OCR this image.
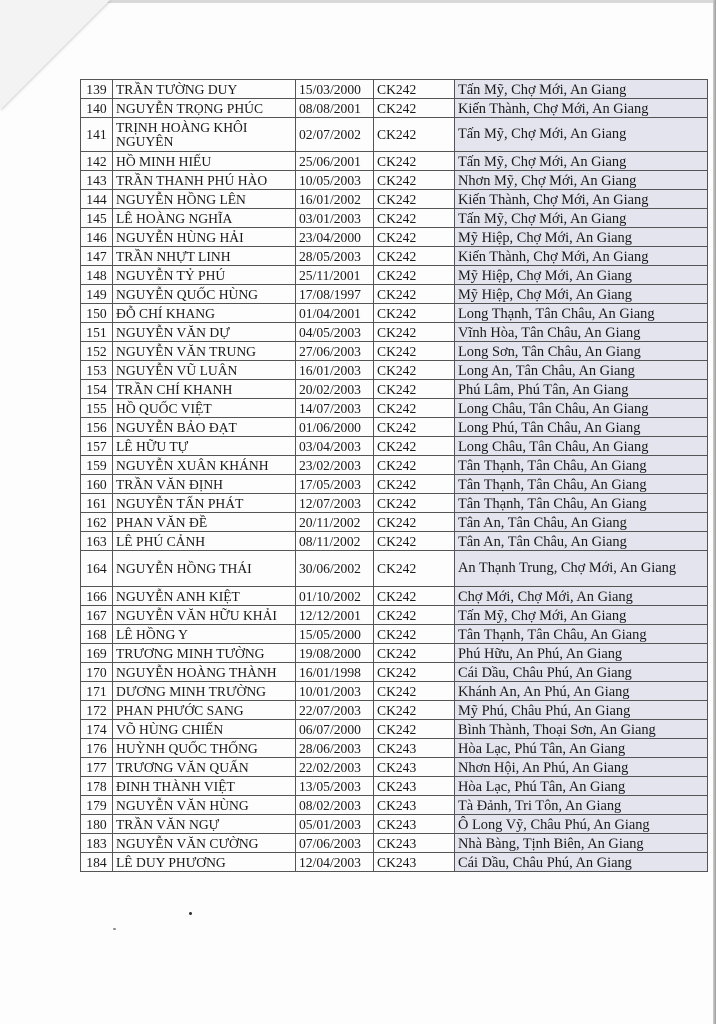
139	TRẦN TƯỜNG DUY	15/03/2000	CK242	Tấn Mỹ, Chợ Mới, An Giang
140	NGUYỄN TRỌNG PHÚC	08/08/2001	CK242	Kiến Thành, Chợ Mới, An Giang
141	TRỊNH HOÀNG KHÔI NGUYÊN	02/07/2002	CK242	Tấn Mỹ, Chợ Mới, An Giang
142	HỒ MINH HIẾU	25/06/2001	CK242	Tấn Mỹ, Chợ Mới, An Giang
143	TRẦN THANH PHÚ HÀO	10/05/2003	CK242	Nhơn Mỹ, Chợ Mới, An Giang
144	NGUYỄN HỒNG LÊN	16/01/2002	CK242	Kiến Thành, Chợ Mới, An Giang
145	LÊ HOÀNG NGHĨA	03/01/2003	CK242	Tấn Mỹ, Chợ Mới, An Giang
146	NGUYỄN HÙNG HẢI	23/04/2000	CK242	Mỹ Hiệp, Chợ Mới, An Giang
147	TRẦN NHỰT LINH	28/05/2003	CK242	Kiến Thành, Chợ Mới, An Giang
148	NGUYỄN TỶ PHÚ	25/11/2001	CK242	Mỹ Hiệp, Chợ Mới, An Giang
149	NGUYỄN QUỐC HÙNG	17/08/1997	CK242	Mỹ Hiệp, Chợ Mới, An Giang
150	ĐỖ CHÍ KHANG	01/04/2001	CK242	Long Thạnh, Tân Châu, An Giang
151	NGUYỄN VĂN DỰ	04/05/2003	CK242	Vĩnh Hòa, Tân Châu, An Giang
152	NGUYỄN VĂN TRUNG	27/06/2003	CK242	Long Sơn, Tân Châu, An Giang
153	NGUYỄN VŨ LUÂN	16/01/2003	CK242	Long An, Tân Châu, An Giang
154	TRẦN CHÍ KHANH	20/02/2003	CK242	Phú Lâm, Phú Tân, An Giang
155	HỒ QUỐC VIỆT	14/07/2003	CK242	Long Châu, Tân Châu, An Giang
156	NGUYỄN BẢO ĐẠT	01/06/2000	CK242	Long Phú, Tân Châu, An Giang
157	LÊ HỮU TỰ	03/04/2003	CK242	Long Châu, Tân Châu, An Giang
159	NGUYỄN XUÂN KHÁNH	23/02/2003	CK242	Tân Thạnh, Tân Châu, An Giang
160	TRẦN VĂN ĐỊNH	17/05/2003	CK242	Tân Thạnh, Tân Châu, An Giang
161	NGUYỄN TẤN PHÁT	12/07/2003	CK242	Tân Thạnh, Tân Châu, An Giang
162	PHAN VĂN ĐỀ	20/11/2002	CK242	Tân An, Tân Châu, An Giang
163	LÊ PHÚ CẢNH	08/11/2002	CK242	Tân An, Tân Châu, An Giang
164	NGUYỄN HỒNG THÁI	30/06/2002	CK242	An Thạnh Trung, Chợ Mới, An Giang
166	NGUYỄN ANH KIỆT	01/10/2002	CK242	Chợ Mới, Chợ Mới, An Giang
167	NGUYỄN VĂN HỮU KHẢI	12/12/2001	CK242	Tấn Mỹ, Chợ Mới, An Giang
168	LÊ HỒNG Y	15/05/2000	CK242	Tân Thạnh, Tân Châu, An Giang
169	TRƯƠNG MINH TƯỜNG	19/08/2000	CK242	Phú Hữu, An Phú, An Giang
170	NGUYỄN HOÀNG THÀNH	16/01/1998	CK242	Cái Dầu, Châu Phú, An Giang
171	DƯƠNG MINH TRƯỜNG	10/01/2003	CK242	Khánh An, An Phú, An Giang
172	PHAN PHƯỚC SANG	22/07/2003	CK242	Mỹ Phú, Châu Phú, An Giang
174	VÕ HÙNG CHIẾN	06/07/2000	CK242	Bình Thành, Thoại Sơn, An Giang
176	HUỲNH QUỐC THỐNG	28/06/2003	CK243	Hòa Lạc, Phú Tân, An Giang
177	TRƯƠNG VĂN QUẤN	22/02/2003	CK243	Nhơn Hội, An Phú, An Giang
178	ĐINH THÀNH VIỆT	13/05/2003	CK243	Hòa Lạc, Phú Tân, An Giang
179	NGUYỄN VĂN HÙNG	08/02/2003	CK243	Tà Đảnh, Tri Tôn, An Giang
180	TRẦN VĂN NGỰ	05/01/2003	CK243	Ô Long Vỹ, Châu Phú, An Giang
183	NGUYỄN VĂN CƯỜNG	07/06/2003	CK243	Nhà Bàng, Tịnh Biên, An Giang
184	LÊ DUY PHƯƠNG	12/04/2003	CK243	Cái Dầu, Châu Phú, An Giang
